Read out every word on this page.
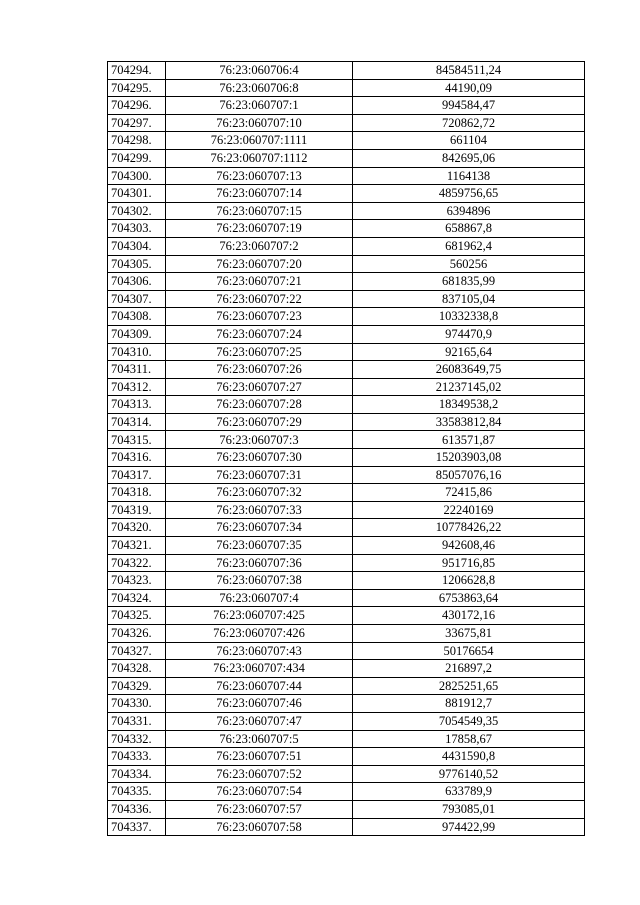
704294.	76:23:060706:4	84584511,24
704295.	76:23:060706:8	44190,09
704296.	76:23:060707:1	994584,47
704297.	76:23:060707:10	720862,72
704298.	76:23:060707:1111	661104
704299.	76:23:060707:1112	842695,06
704300.	76:23:060707:13	1164138
704301.	76:23:060707:14	4859756,65
704302.	76:23:060707:15	6394896
704303.	76:23:060707:19	658867,8
704304.	76:23:060707:2	681962,4
704305.	76:23:060707:20	560256
704306.	76:23:060707:21	681835,99
704307.	76:23:060707:22	837105,04
704308.	76:23:060707:23	10332338,8
704309.	76:23:060707:24	974470,9
704310.	76:23:060707:25	92165,64
704311.	76:23:060707:26	26083649,75
704312.	76:23:060707:27	21237145,02
704313.	76:23:060707:28	18349538,2
704314.	76:23:060707:29	33583812,84
704315.	76:23:060707:3	613571,87
704316.	76:23:060707:30	15203903,08
704317.	76:23:060707:31	85057076,16
704318.	76:23:060707:32	72415,86
704319.	76:23:060707:33	22240169
704320.	76:23:060707:34	10778426,22
704321.	76:23:060707:35	942608,46
704322.	76:23:060707:36	951716,85
704323.	76:23:060707:38	1206628,8
704324.	76:23:060707:4	6753863,64
704325.	76:23:060707:425	430172,16
704326.	76:23:060707:426	33675,81
704327.	76:23:060707:43	50176654
704328.	76:23:060707:434	216897,2
704329.	76:23:060707:44	2825251,65
704330.	76:23:060707:46	881912,7
704331.	76:23:060707:47	7054549,35
704332.	76:23:060707:5	17858,67
704333.	76:23:060707:51	4431590,8
704334.	76:23:060707:52	9776140,52
704335.	76:23:060707:54	633789,9
704336.	76:23:060707:57	793085,01
704337.	76:23:060707:58	974422,99
